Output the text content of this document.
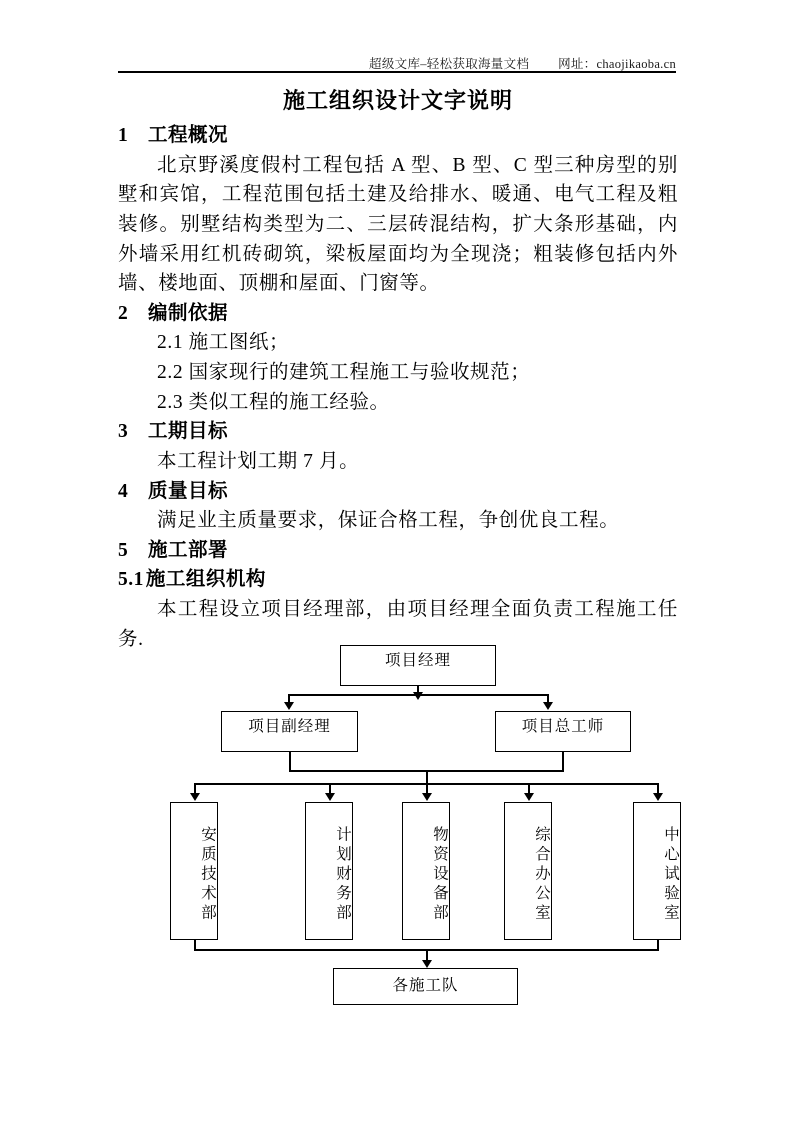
超级文库–轻松获取海量文档 网址：chaojikaoba.cn
施工组织设计文字说明
1 工程概况

北京野溪度假村工程包括 A 型、B 型、C 型三种房型的别墅和宾馆，工程范围包括土建及给排水、暖通、电气工程及粗装修。别墅结构类型为二、三层砖混结构，扩大条形基础，内外墙采用红机砖砌筑，梁板屋面均为全现浇；粗装修包括内外墙、楼地面、顶棚和屋面、门窗等。

2 编制依据

2.1 施工图纸；

2.2 国家现行的建筑工程施工与验收规范；

2.3 类似工程的施工经验。

3 工期目标

本工程计划工期 7 月。

4 质量目标

满足业主质量要求，保证合格工程，争创优良工程。

5 施工部署
5.1 施工组织机构

本工程设立项目经理部，由项目经理全面负责工程施工任务.

项目经理
项目副经理	项目总工师
安质技术部	计划财务部	物资设备部	综合办公室	中心试验室
各施工队
